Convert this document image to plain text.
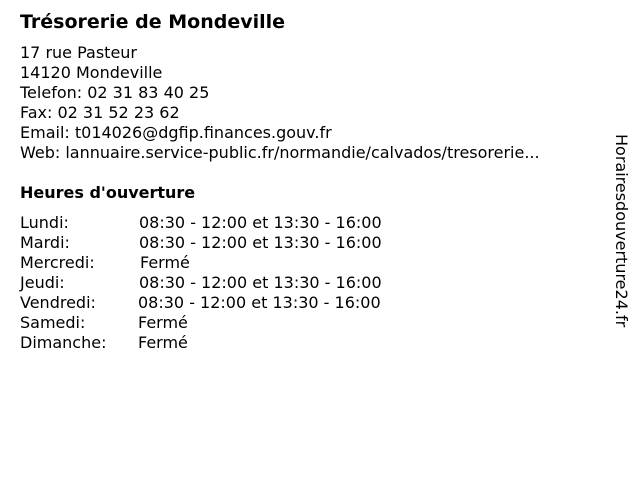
Trésorerie de Mondeville
17 rue Pasteur
14120 Mondeville
Telefon: 02 31 83 40 25
Fax: 02 31 52 23 62
Email: t014026@dgfip.finances.gouv.fr
Web: lannuaire.service-public.fr/normandie/calvados/tresorerie...
Heures d'ouverture
Lundi:	08:30 - 12:00 et 13:30 - 16:00
Mardi:	08:30 - 12:00 et 13:30 - 16:00
Mercredi:	Fermé
Jeudi:	08:30 - 12:00 et 13:30 - 16:00
Vendredi:	08:30 - 12:00 et 13:30 - 16:00
Samedi:	Fermé
Dimanche: Fermé
Horairesdouverture24.fr
